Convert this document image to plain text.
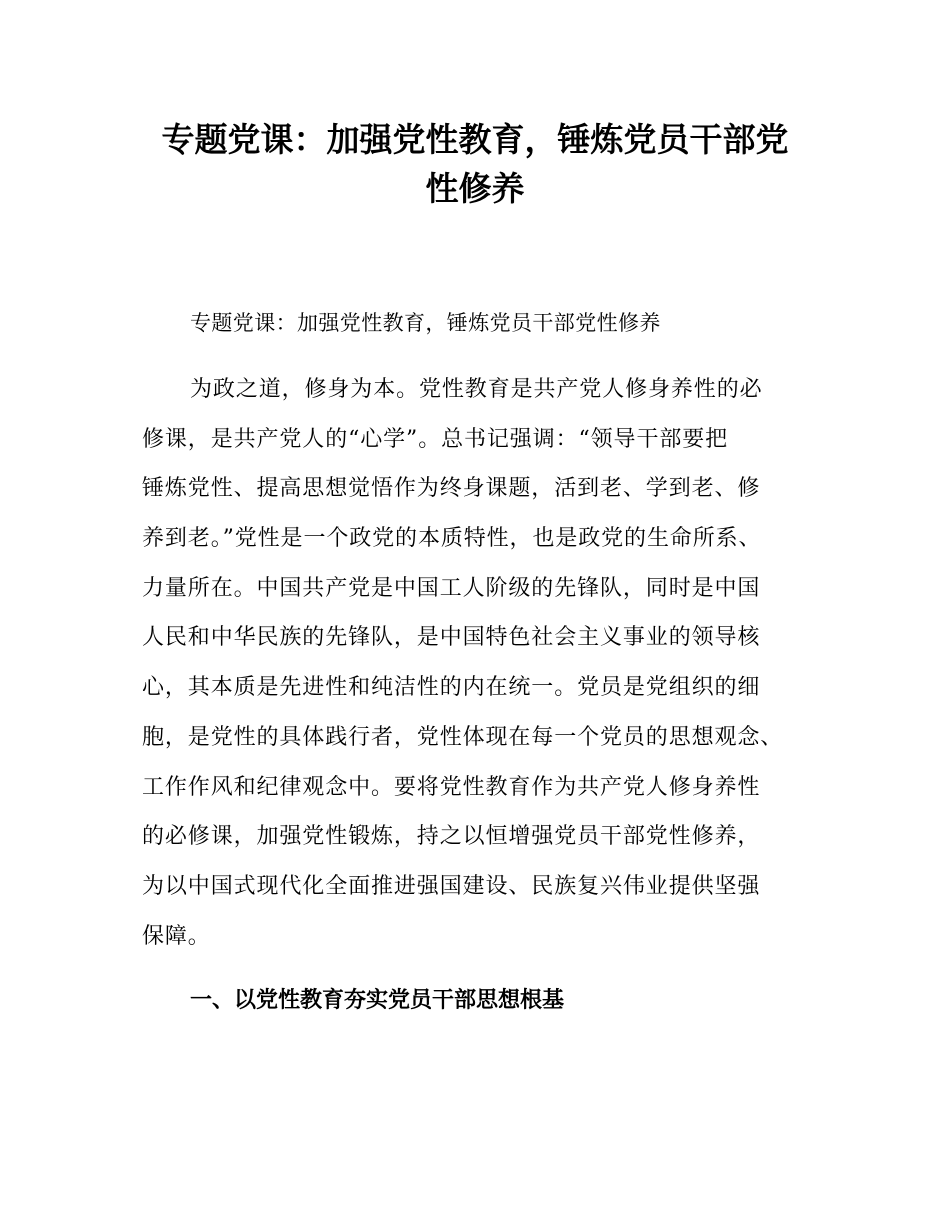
专题党课：加强党性教育，锤炼党员干部党
性修养

专题党课：加强党性教育，锤炼党员干部党性修养

为政之道，修身为本。党性教育是共产党人修身养性的必
修课，是共产党人的“心学”。总书记强调：“领导干部要把
锤炼党性、提高思想觉悟作为终身课题，活到老、学到老、修
养到老。”党性是一个政党的本质特性，也是政党的生命所系、
力量所在。中国共产党是中国工人阶级的先锋队，同时是中国
人民和中华民族的先锋队，是中国特色社会主义事业的领导核
心，其本质是先进性和纯洁性的内在统一。党员是党组织的细
胞，是党性的具体践行者，党性体现在每一个党员的思想观念、
工作作风和纪律观念中。要将党性教育作为共产党人修身养性
的必修课，加强党性锻炼，持之以恒增强党员干部党性修养，
为以中国式现代化全面推进强国建设、民族复兴伟业提供坚强
保障。
一、以党性教育夯实党员干部思想根基
